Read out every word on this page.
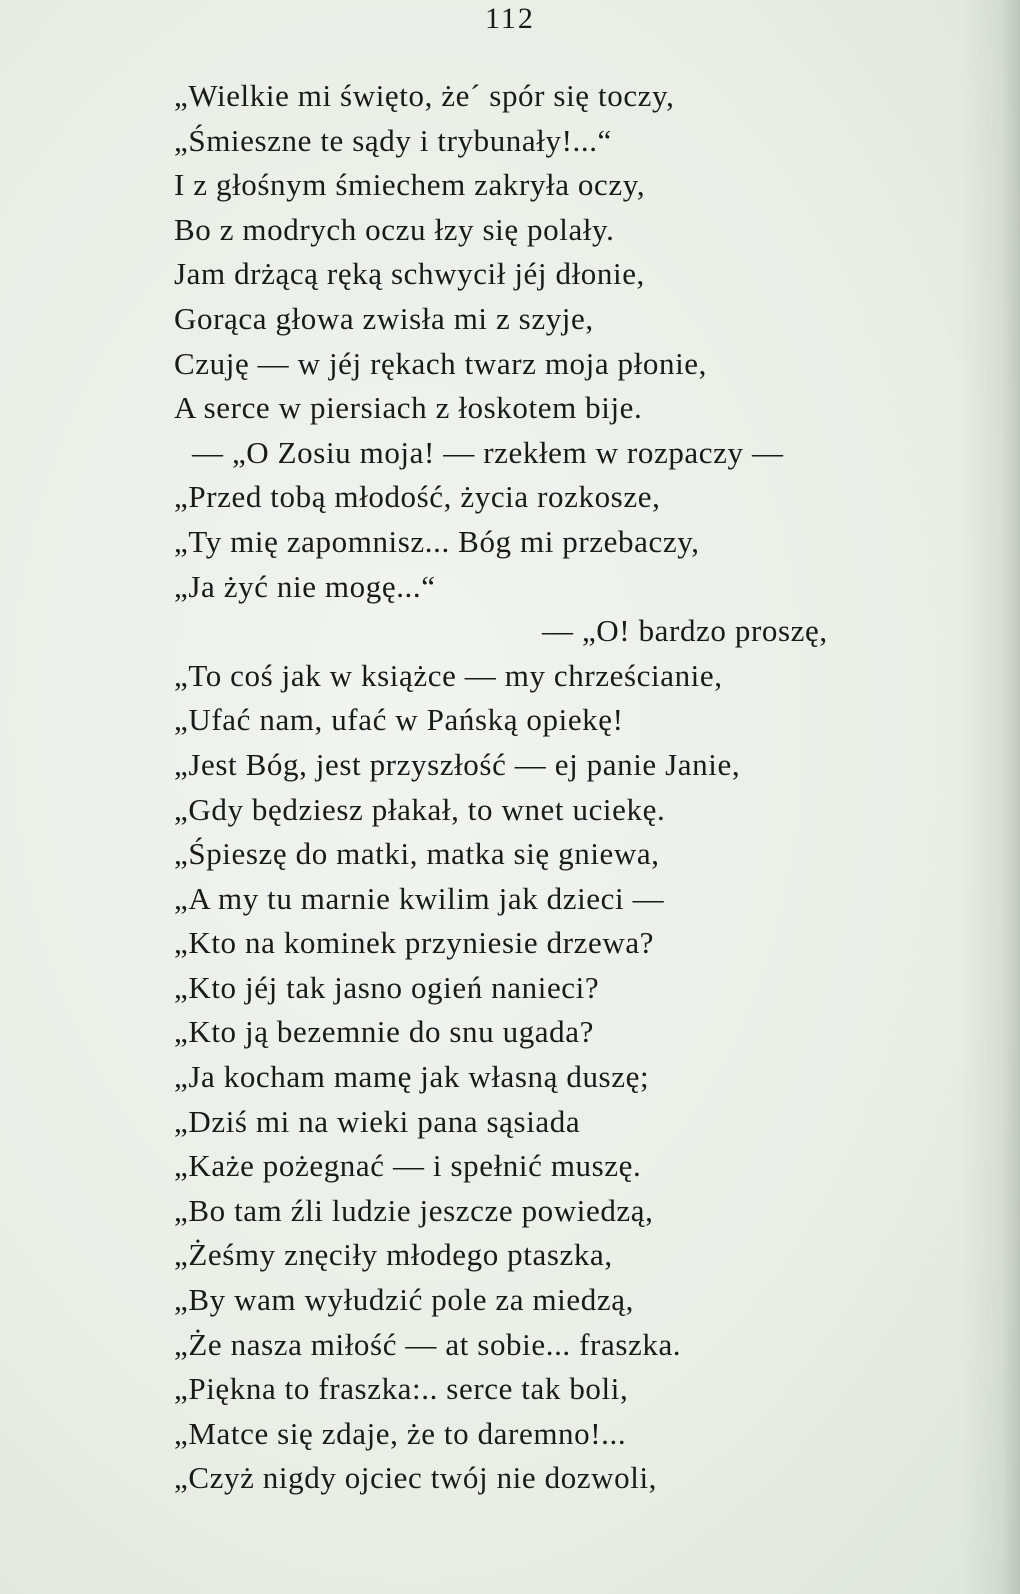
112
„Wielkie mi święto, że´ spór się toczy,
„Śmieszne te sądy i trybunały!...“
I z głośnym śmiechem zakryła oczy,
Bo z modrych oczu łzy się polały.
Jam drżącą ręką schwycił jéj dłonie,
Gorąca głowa zwisła mi z szyje,
Czuję — w jéj rękach twarz moja płonie,
A serce w piersiach z łoskotem bije.
— „O Zosiu moja! — rzekłem w rozpaczy —
„Przed tobą młodość, życia rozkosze,
„Ty mię zapomnisz... Bóg mi przebaczy,
„Ja żyć nie mogę...“
— „O! bardzo proszę,
„To coś jak w książce — my chrześcianie,
„Ufać nam, ufać w Pańską opiekę!
„Jest Bóg, jest przyszłość — ej panie Janie,
„Gdy będziesz płakał, to wnet uciekę.
„Śpieszę do matki, matka się gniewa,
„A my tu marnie kwilim jak dzieci —
„Kto na kominek przyniesie drzewa?
„Kto jéj tak jasno ogień nanieci?
„Kto ją bezemnie do snu ugada?
„Ja kocham mamę jak własną duszę;
„Dziś mi na wieki pana sąsiada
„Każe pożegnać — i spełnić muszę.
„Bo tam źli ludzie jeszcze powiedzą,
„Żeśmy znęciły młodego ptaszka,
„By wam wyłudzić pole za miedzą,
„Że nasza miłość — at sobie... fraszka.
„Piękna to fraszka:.. serce tak boli,
„Matce się zdaje, że to daremno!...
„Czyż nigdy ojciec twój nie dozwoli,
